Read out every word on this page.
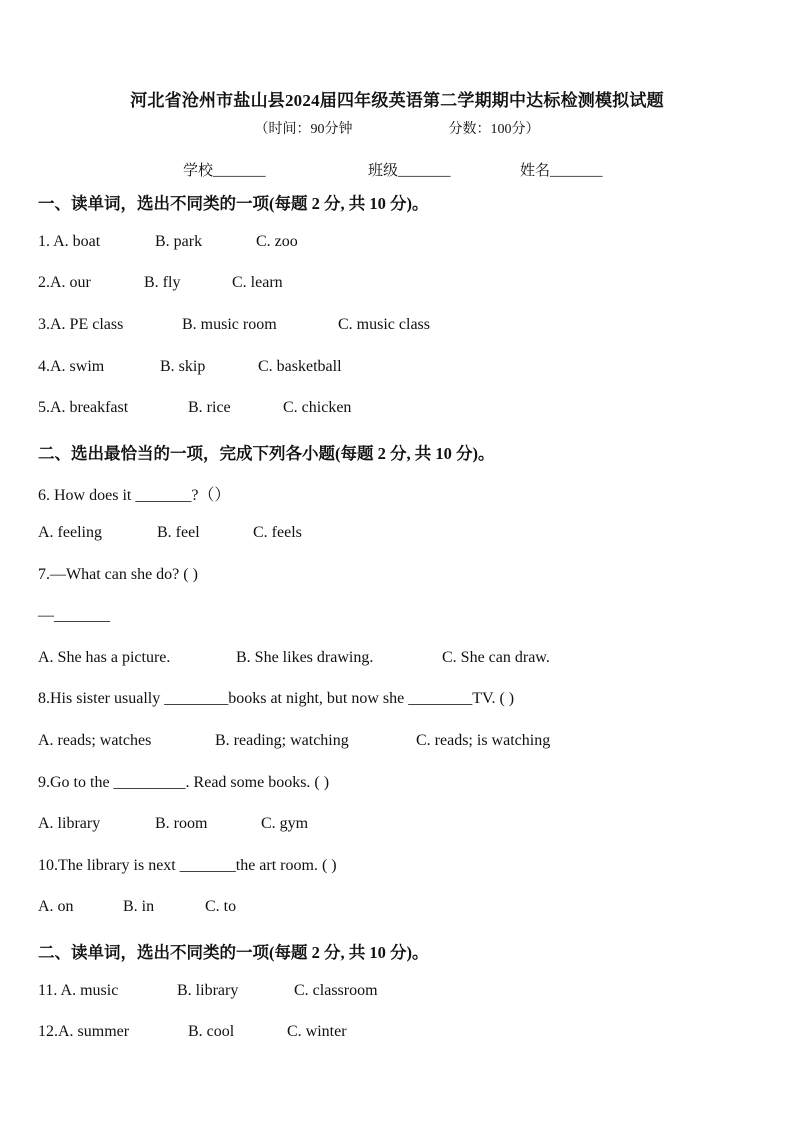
河北省沧州市盐山县2024届四年级英语第二学期期中达标检测模拟试题
（时间：90分钟	分数：100分）
学校_______	班级_______	姓名_______
一、读单词，选出不同类的一项(每题 2 分, 共 10 分)。
1. A. boat	B. park	C. zoo
2.A. our	B. fly	C. learn
3.A. PE class	B. music room	C. music class
4.A. swim	B. skip	C. basketball
5.A. breakfast	B. rice	C. chicken
二、选出最恰当的一项，完成下列各小题(每题 2 分, 共 10 分)。
6. How does it _______?（）
A. feeling	B. feel	C. feels
7.—What can she do? ( )
—_______
A. She has a picture.	B. She likes drawing.	C. She can draw.
8.His sister usually ________books at night, but now she ________TV. ( )
A. reads; watches	B. reading; watching	C. reads; is watching
9.Go to the _________. Read some books. ( )
A. library	B. room	C. gym
10.The library is next _______the art room. ( )
A. on	B. in	C. to
二、读单词，选出不同类的一项(每题 2 分, 共 10 分)。
11. A. music	B. library	C. classroom
12.A. summer	B. cool	C. winter
